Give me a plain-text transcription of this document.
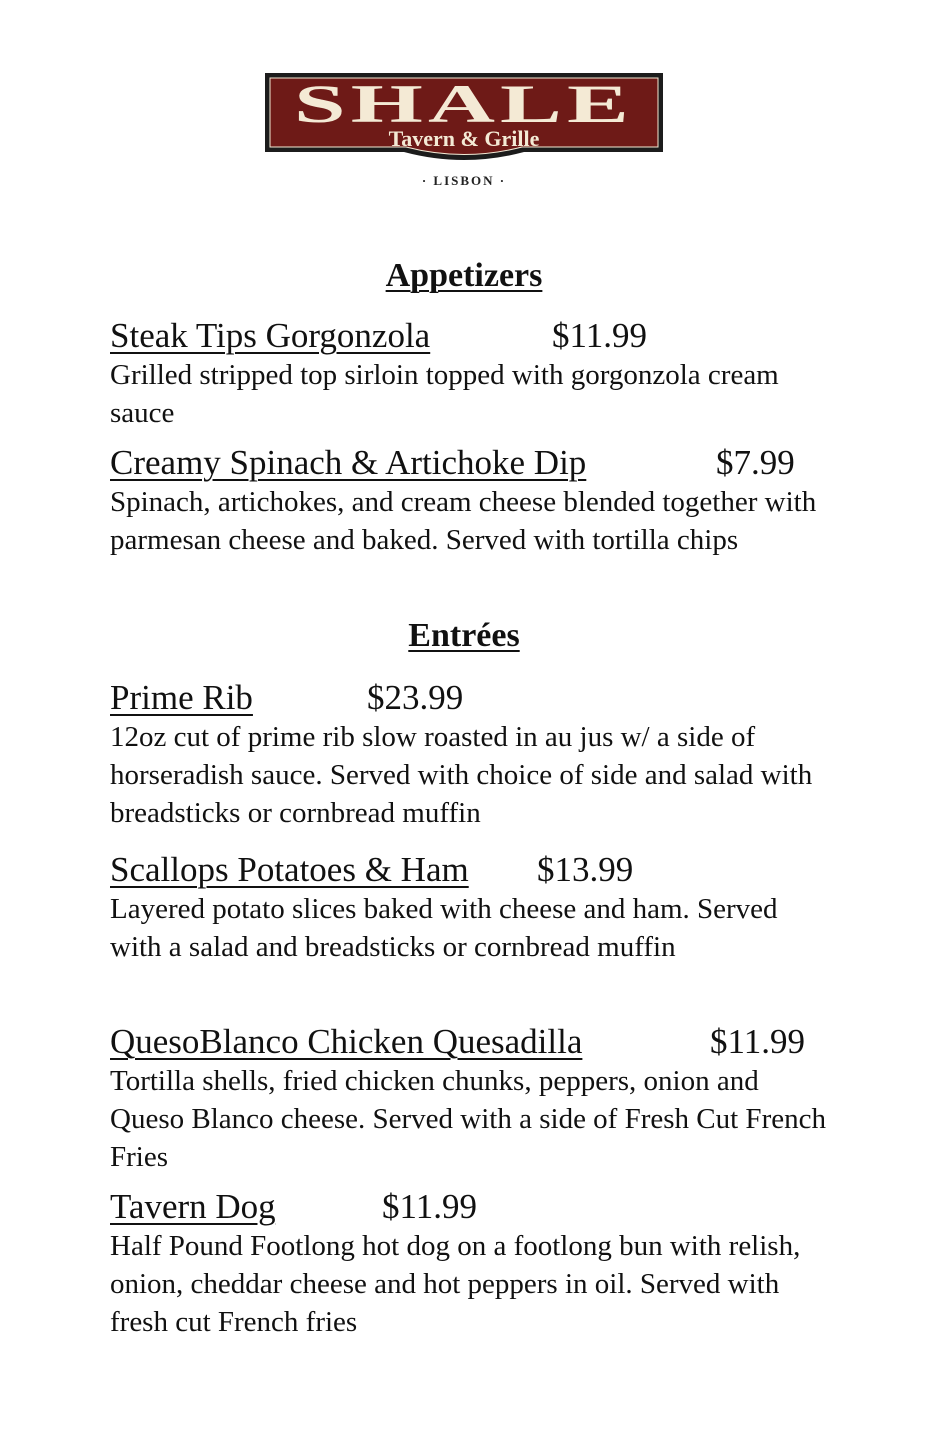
SHALE
Tavern & Grille
· LISBON ·
Appetizers
Steak Tips Gorgonzola	$11.99
Grilled stripped top sirloin topped with gorgonzola cream sauce
Creamy Spinach & Artichoke Dip	$7.99
Spinach, artichokes, and cream cheese blended together with parmesan cheese and baked. Served with tortilla chips
Entrées
Prime Rib	$23.99
12oz cut of prime rib slow roasted in au jus w/ a side of horseradish sauce. Served with choice of side and salad with breadsticks or cornbread muffin
Scallops Potatoes & Ham $13.99
Layered potato slices baked with cheese and ham. Served with a salad and breadsticks or cornbread muffin
QuesoBlanco Chicken Quesadilla	$11.99
Tortilla shells, fried chicken chunks, peppers, onion and Queso Blanco cheese. Served with a side of Fresh Cut French Fries
Tavern Dog	$11.99
Half Pound Footlong hot dog on a footlong bun with relish, onion, cheddar cheese and hot peppers in oil. Served with fresh cut French fries
